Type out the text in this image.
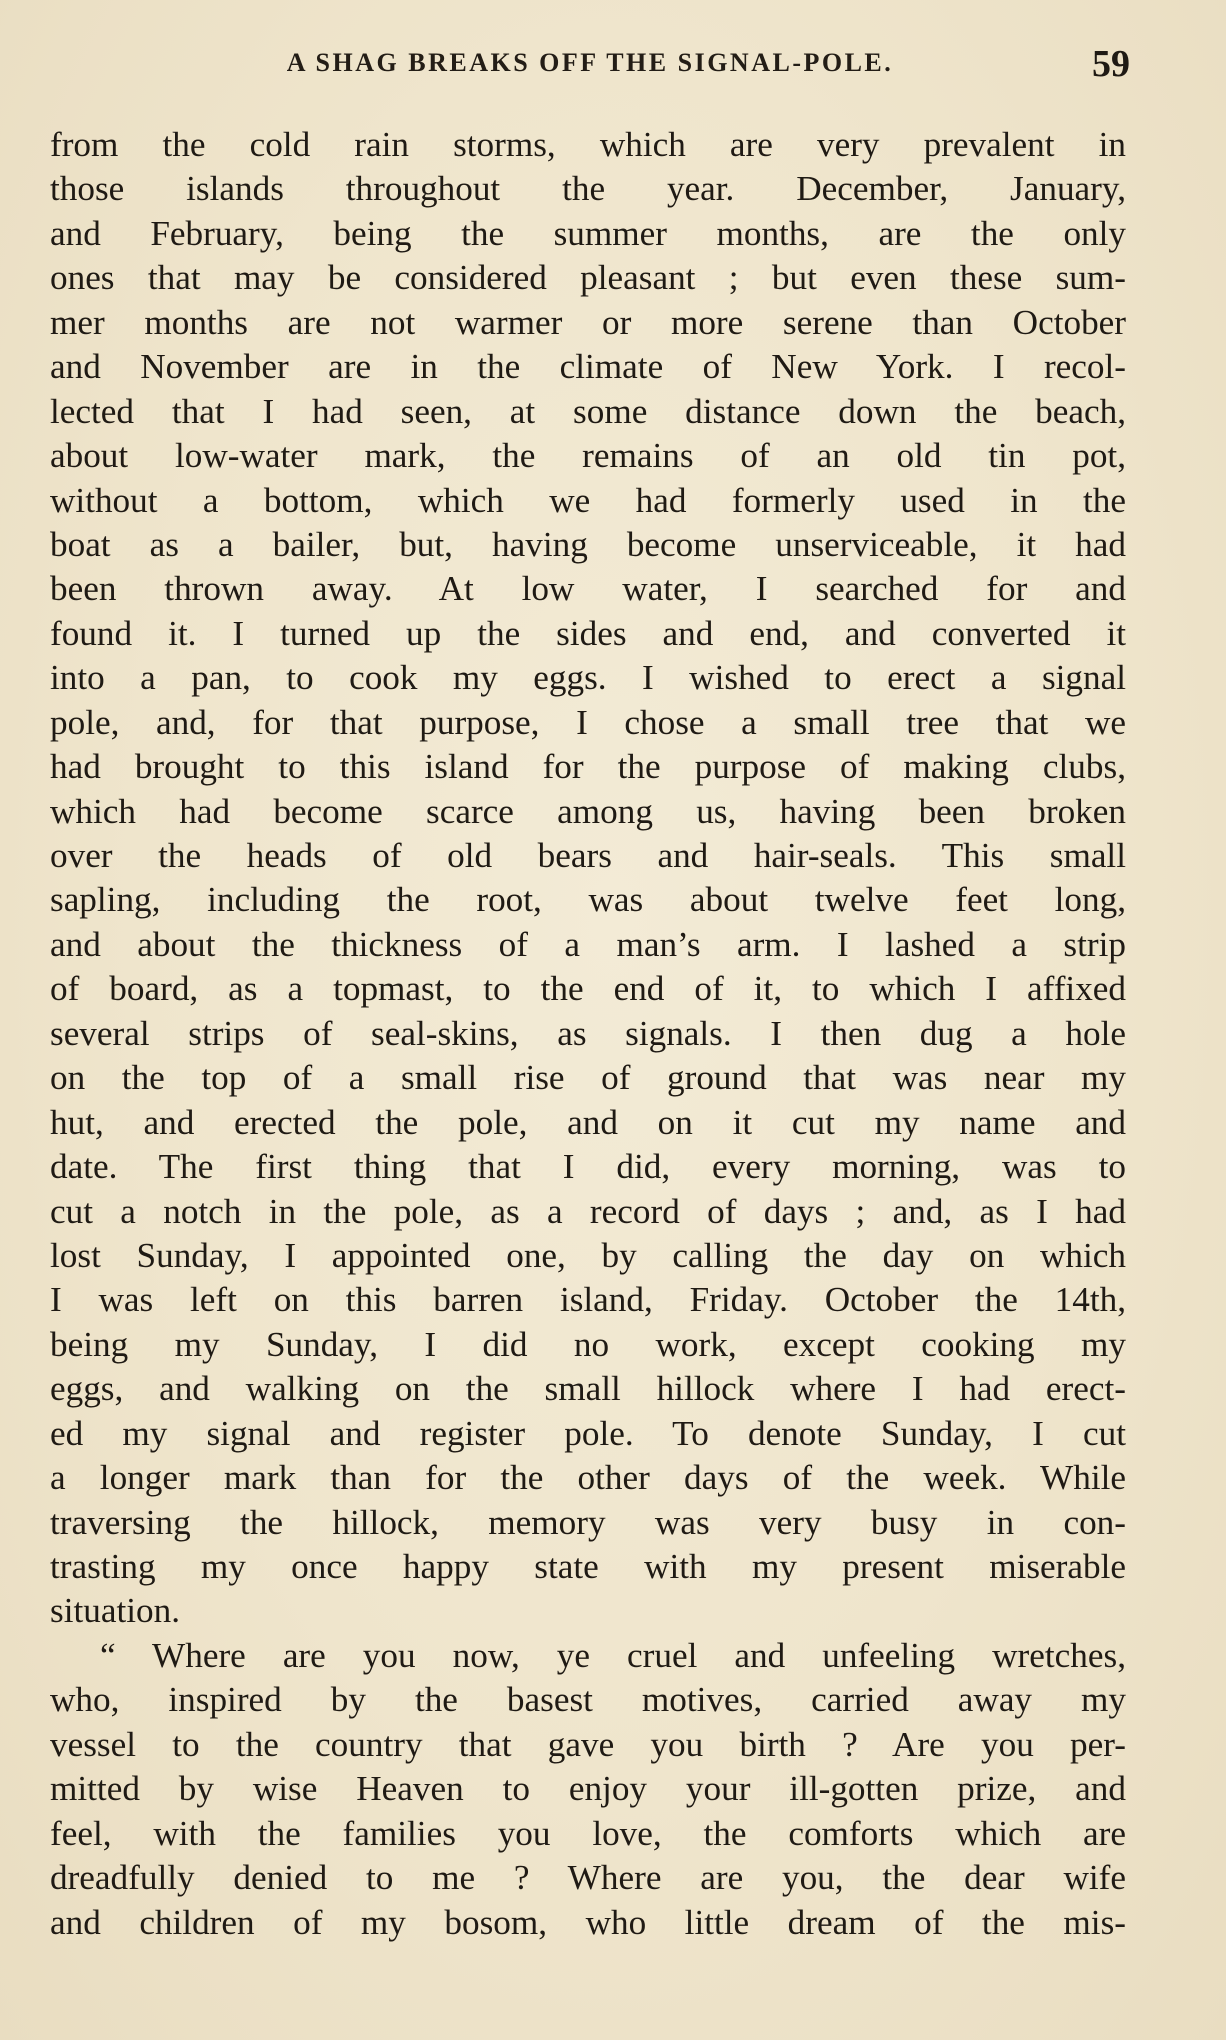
A SHAG BREAKS OFF THE SIGNAL-POLE.	59
from the cold rain storms, which are very prevalent in
those islands throughout the year. December, January,
and February, being the summer months, are the only
ones that may be considered pleasant ; but even these sum-
mer months are not warmer or more serene than October
and November are in the climate of New York. I recol-
lected that I had seen, at some distance down the beach,
about low-water mark, the remains of an old tin pot,
without a bottom, which we had formerly used in the
boat as a bailer, but, having become unserviceable, it had
been thrown away. At low water, I searched for and
found it. I turned up the sides and end, and converted it
into a pan, to cook my eggs. I wished to erect a signal
pole, and, for that purpose, I chose a small tree that we
had brought to this island for the purpose of making clubs,
which had become scarce among us, having been broken
over the heads of old bears and hair-seals. This small
sapling, including the root, was about twelve feet long,
and about the thickness of a man’s arm. I lashed a strip
of board, as a topmast, to the end of it, to which I affixed
several strips of seal-skins, as signals. I then dug a hole
on the top of a small rise of ground that was near my
hut, and erected the pole, and on it cut my name and
date. The first thing that I did, every morning, was to
cut a notch in the pole, as a record of days ; and, as I had
lost Sunday, I appointed one, by calling the day on which
I was left on this barren island, Friday. October the 14th,
being my Sunday, I did no work, except cooking my
eggs, and walking on the small hillock where I had erect-
ed my signal and register pole. To denote Sunday, I cut
a longer mark than for the other days of the week. While
traversing the hillock, memory was very busy in con-
trasting my once happy state with my present miserable
situation.
“ Where are you now, ye cruel and unfeeling wretches,
who, inspired by the basest motives, carried away my
vessel to the country that gave you birth ? Are you per-
mitted by wise Heaven to enjoy your ill-gotten prize, and
feel, with the families you love, the comforts which are
dreadfully denied to me ? Where are you, the dear wife
and children of my bosom, who little dream of the mis-
